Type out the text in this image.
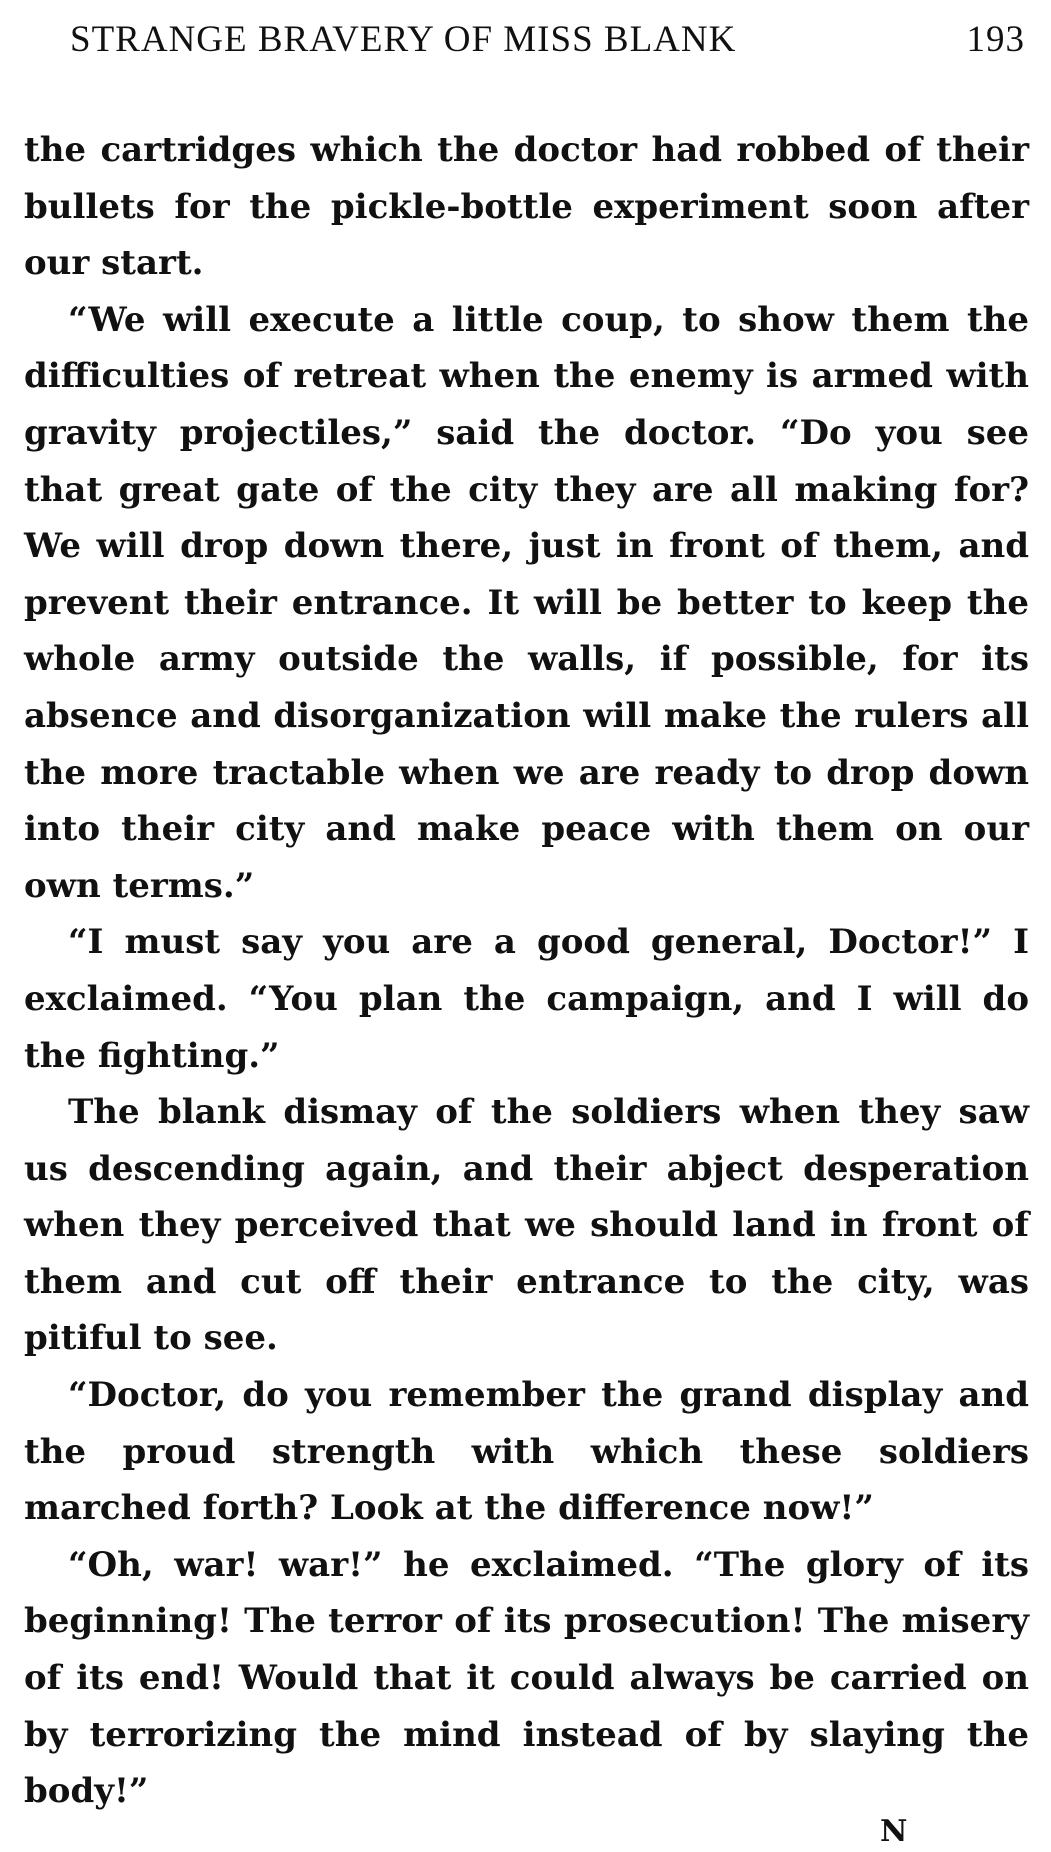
STRANGE BRAVERY OF MISS BLANK	193

the cartridges which the doctor had robbed of their bullets for the pickle-bottle experiment soon after our start.

“We will execute a little coup, to show them the difficulties of retreat when the enemy is armed with gravity projectiles,” said the doctor. “Do you see that great gate of the city they are all making for? We will drop down there, just in front of them, and prevent their entrance. It will be better to keep the whole army outside the walls, if possible, for its absence and disorganization will make the rulers all the more tractable when we are ready to drop down into their city and make peace with them on our own terms.”

“I must say you are a good general, Doctor!” I exclaimed. “You plan the campaign, and I will do the fighting.”

The blank dismay of the soldiers when they saw us descending again, and their abject desperation when they perceived that we should land in front of them and cut off their entrance to the city, was pitiful to see.

“Doctor, do you remember the grand display and the proud strength with which these soldiers marched forth? Look at the difference now!”

“Oh, war! war!” he exclaimed. “The glory of its beginning! The terror of its prosecution! The misery of its end! Would that it could always be carried on by terrorizing the mind instead of by slaying the body!”

N
